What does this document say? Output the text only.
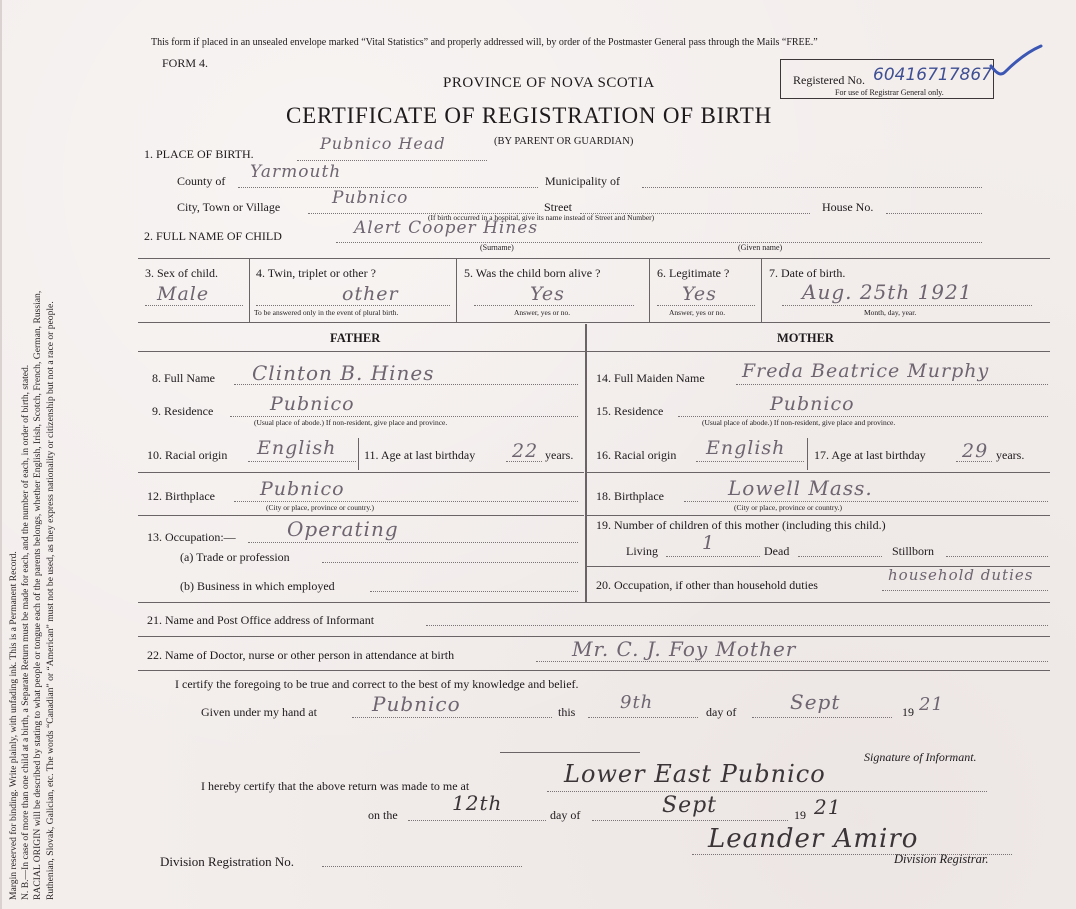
Margin reserved for binding. Write plainly, with unfading ink. This is a Permanent Record. N. B.—In case of more than one child at a birth, a Separate Return must be made for each, and the number of each, in order of birth, stated. RACIAL ORIGIN will be described by stating to what people or tongue each of the parents belongs, whether English, Irish, Scotch, French, German, Russian, Ruthenian, Slovak, Galician, etc. The words “Canadian” or “American” must not be used, as they express nationality or citizenship but not a race or people.
This form if placed in an unsealed envelope marked “Vital Statistics” and properly addressed will, by order of the Postmaster General pass through the Mails “FREE.”
FORM 4.
PROVINCE OF NOVA SCOTIA
CERTIFICATE OF REGISTRATION OF BIRTH
(BY PARENT OR GUARDIAN)
Registered No. 60416717867
For use of Registrar General only.
1. PLACE OF BIRTH.
Pubnico Head
County of Yarmouth	Municipality of
City, Town or Village	Pubnico	Street	House No.
(If birth occurred in a hospital, give its name instead of Street and Number)
2. FULL NAME OF CHILD	Alert Cooper Hines
(Surname)	(Given name)
3. Sex of child.
Male
4. Twin, triplet or other ?
other
To be answered only in the event of plural birth.
5. Was the child born alive ?
Yes
Answer, yes or no.
6. Legitimate ?
Yes
Answer, yes or no.
7. Date of birth.
Aug. 25th 1921
Month, day, year.
FATHER	MOTHER
8. Full Name Clinton B. Hines
9. Residence	Pubnico
(Usual place of abode.) If non-resident, give place and province.
10. Racial origin English 11. Age at last birthday 22 years.
12. Birthplace Pubnico
(City or place, province or country.)
13. Occupation:—	Operating
(a) Trade or profession
(b) Business in which employed
14. Full Maiden Name Freda Beatrice Murphy
15. Residence	Pubnico
(Usual place of abode.) If non-resident, give place and province.
16. Racial origin English 17. Age at last birthday 29 years.
18. Birthplace	Lowell Mass.
(City or place, province or country.)
19. Number of children of this mother (including this child.)
Living 1	Dead	Stillborn
20. Occupation, if other than household duties
household duties
21. Name and Post Office address of Informant
22. Name of Doctor, nurse or other person in attendance at birth	Mr. C. J. Foy Mother
I certify the foregoing to be true and correct to the best of my knowledge and belief.
Given under my hand at	Pubnico	this 9th	day of	Sept	19 21
Signature of Informant.
I hereby certify that the above return was made to me at	Lower East Pubnico
on the	12th	day of	Sept	19 21
Division Registration No.
Leander Amiro
Division Registrar.
